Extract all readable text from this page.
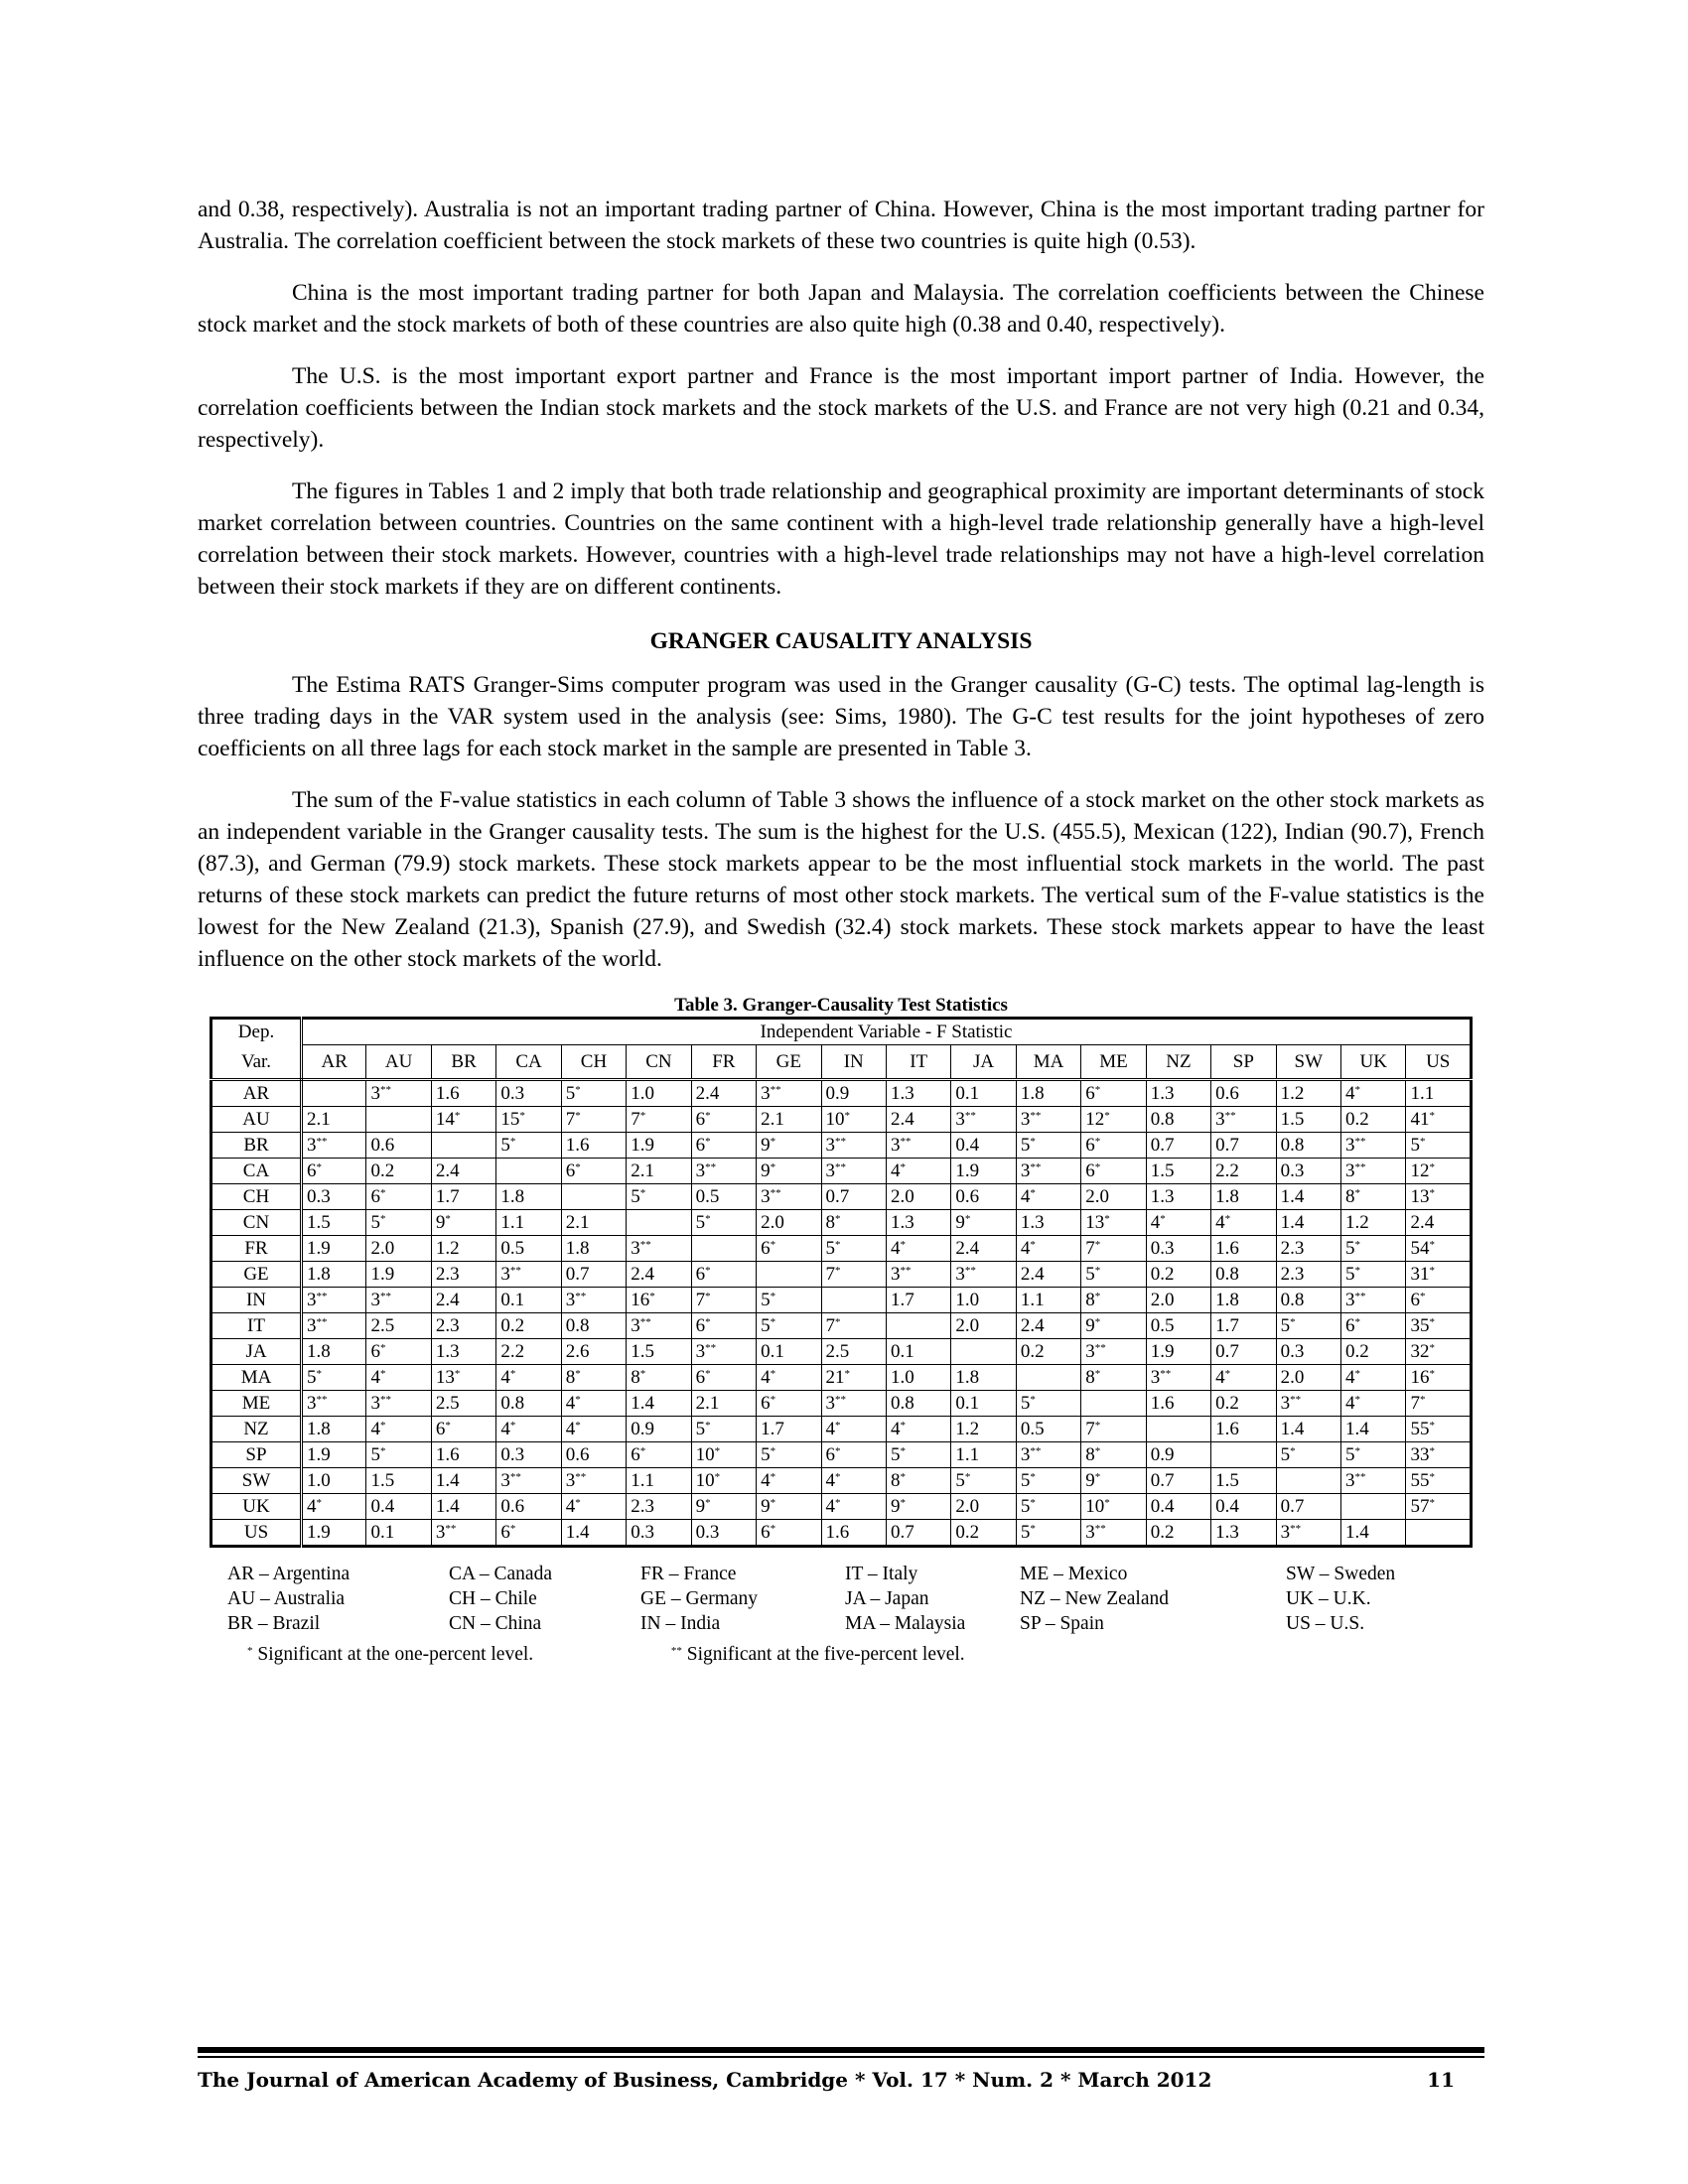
and 0.38, respectively). Australia is not an important trading partner of China. However, China is the most important trading partner for Australia. The correlation coefficient between the stock markets of these two countries is quite high (0.53).

China is the most important trading partner for both Japan and Malaysia. The correlation coefficients between the Chinese stock market and the stock markets of both of these countries are also quite high (0.38 and 0.40, respectively).

The U.S. is the most important export partner and France is the most important import partner of India. However, the correlation coefficients between the Indian stock markets and the stock markets of the U.S. and France are not very high (0.21 and 0.34, respectively).

The figures in Tables 1 and 2 imply that both trade relationship and geographical proximity are important determinants of stock market correlation between countries. Countries on the same continent with a high-level trade relationship generally have a high-level correlation between their stock markets. However, countries with a high-level trade relationships may not have a high-level correlation between their stock markets if they are on different continents.

GRANGER CAUSALITY ANALYSIS

The Estima RATS Granger-Sims computer program was used in the Granger causality (G-C) tests. The optimal lag-length is three trading days in the VAR system used in the analysis (see: Sims, 1980). The G-C test results for the joint hypotheses of zero coefficients on all three lags for each stock market in the sample are presented in Table 3.

The sum of the F-value statistics in each column of Table 3 shows the influence of a stock market on the other stock markets as an independent variable in the Granger causality tests. The sum is the highest for the U.S. (455.5), Mexican (122), Indian (90.7), French (87.3), and German (79.9) stock markets. These stock markets appear to be the most influential stock markets in the world. The past returns of these stock markets can predict the future returns of most other stock markets. The vertical sum of the F-value statistics is the lowest for the New Zealand (21.3), Spanish (27.9), and Swedish (32.4) stock markets. These stock markets appear to have the least influence on the other stock markets of the world.

Table 3. Granger-Causality Test Statistics
Dep.	Independent Variable - F Statistic																	
Var.	AR	AU	BR	CA	CH	CN	FR	GE	IN	IT	JA	MA	ME	NZ	SP	SW	UK	US
AR		3**	1.6	0.3	5*	1.0	2.4	3**	0.9	1.3	0.1	1.8	6*	1.3	0.6	1.2	4*	1.1
AU	2.1		14*	15*	7*	7*	6*	2.1	10*	2.4	3**	3**	12*	0.8	3**	1.5	0.2	41*
BR	3**	0.6		5*	1.6	1.9	6*	9*	3**	3**	0.4	5*	6*	0.7	0.7	0.8	3**	5*
CA	6*	0.2	2.4		6*	2.1	3**	9*	3**	4*	1.9	3**	6*	1.5	2.2	0.3	3**	12*
CH	0.3	6*	1.7	1.8		5*	0.5	3**	0.7	2.0	0.6	4*	2.0	1.3	1.8	1.4	8*	13*
CN	1.5	5*	9*	1.1	2.1		5*	2.0	8*	1.3	9*	1.3	13*	4*	4*	1.4	1.2	2.4
FR	1.9	2.0	1.2	0.5	1.8	3**		6*	5*	4*	2.4	4*	7*	0.3	1.6	2.3	5*	54*
GE	1.8	1.9	2.3	3**	0.7	2.4	6*		7*	3**	3**	2.4	5*	0.2	0.8	2.3	5*	31*
IN	3**	3**	2.4	0.1	3**	16*	7*	5*		1.7	1.0	1.1	8*	2.0	1.8	0.8	3**	6*
IT	3**	2.5	2.3	0.2	0.8	3**	6*	5*	7*		2.0	2.4	9*	0.5	1.7	5*	6*	35*
JA	1.8	6*	1.3	2.2	2.6	1.5	3**	0.1	2.5	0.1		0.2	3**	1.9	0.7	0.3	0.2	32*
MA	5*	4*	13*	4*	8*	8*	6*	4*	21*	1.0	1.8		8*	3**	4*	2.0	4*	16*
ME	3**	3**	2.5	0.8	4*	1.4	2.1	6*	3**	0.8	0.1	5*		1.6	0.2	3**	4*	7*
NZ	1.8	4*	6*	4*	4*	0.9	5*	1.7	4*	4*	1.2	0.5	7*		1.6	1.4	1.4	55*
SP	1.9	5*	1.6	0.3	0.6	6*	10*	5*	6*	5*	1.1	3**	8*	0.9		5*	5*	33*
SW	1.0	1.5	1.4	3**	3**	1.1	10*	4*	4*	8*	5*	5*	9*	0.7	1.5		3**	55*
UK	4*	0.4	1.4	0.6	4*	2.3	9*	9*	4*	9*	2.0	5*	10*	0.4	0.4	0.7		57*
US	1.9	0.1	3**	6*	1.4	0.3	0.3	6*	1.6	0.7	0.2	5*	3**	0.2	1.3	3**	1.4	
AR – Argentina	CA – Canada	FR – France	IT – Italy	ME – Mexico	SW – Sweden
AU – Australia	CH – Chile	GE – Germany	JA – Japan	NZ – New Zealand	UK – U.K.
BR – Brazil	CN – China	IN – India	MA – Malaysia	SP – Spain	US – U.S.
* Significant at the one-percent level.	** Significant at the five-percent level.
The Journal of American Academy of Business, Cambridge * Vol. 17 * Num. 2 * March 2012	11
